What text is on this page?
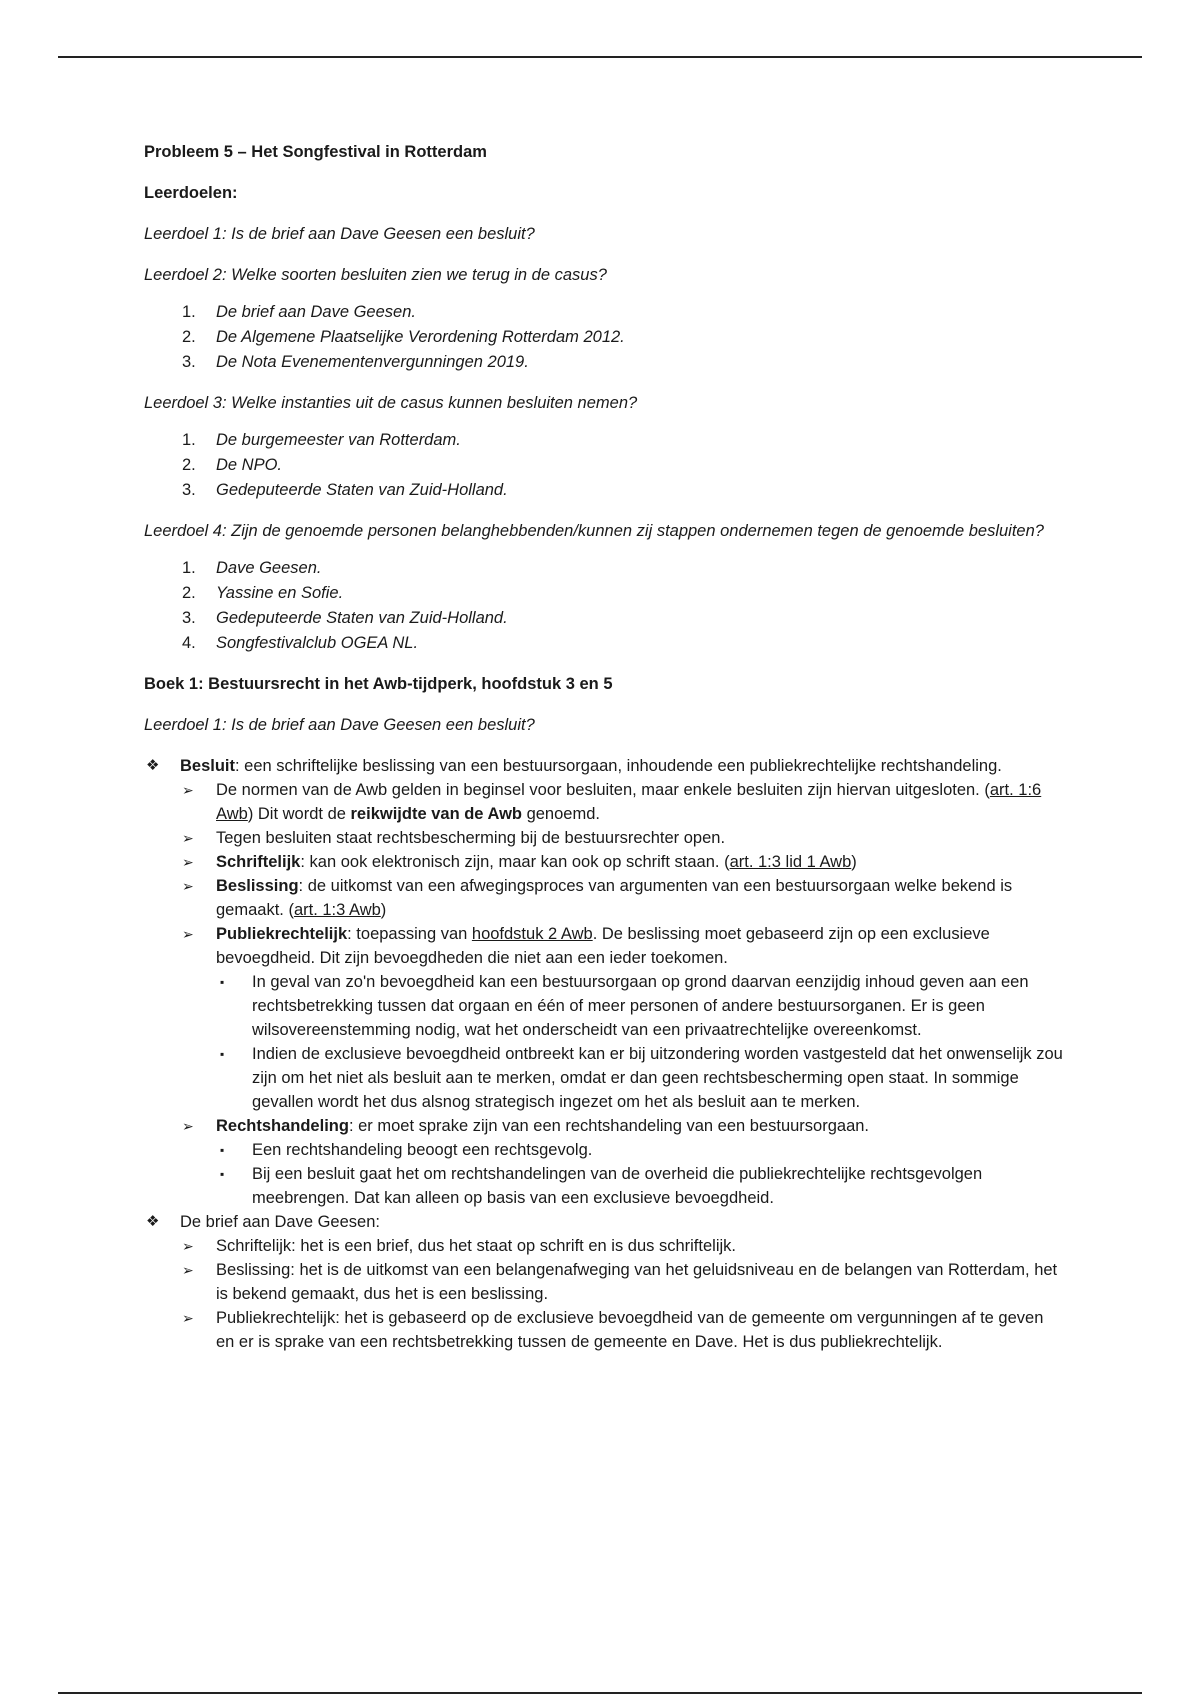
Probleem 5 – Het Songfestival in Rotterdam

Leerdoelen:

Leerdoel 1: Is de brief aan Dave Geesen een besluit?

Leerdoel 2: Welke soorten besluiten zien we terug in de casus?

1. De brief aan Dave Geesen.
2. De Algemene Plaatselijke Verordening Rotterdam 2012.
3. De Nota Evenementenvergunningen 2019.

Leerdoel 3: Welke instanties uit de casus kunnen besluiten nemen?

1. De burgemeester van Rotterdam.
2. De NPO.
3. Gedeputeerde Staten van Zuid-Holland.

Leerdoel 4: Zijn de genoemde personen belanghebbenden/kunnen zij stappen ondernemen tegen de genoemde besluiten?

1. Dave Geesen.
2. Yassine en Sofie.
3. Gedeputeerde Staten van Zuid-Holland.
4. Songfestivalclub OGEA NL.

Boek 1: Bestuursrecht in het Awb-tijdperk, hoofdstuk 3 en 5

Leerdoel 1: Is de brief aan Dave Geesen een besluit?

❖ Besluit: een schriftelijke beslissing van een bestuursorgaan, inhoudende een publiekrechtelijke rechtshandeling.
➢ De normen van de Awb gelden in beginsel voor besluiten, maar enkele besluiten zijn hiervan uitgesloten. (art. 1:6 Awb) Dit wordt de reikwijdte van de Awb genoemd.
➢ Tegen besluiten staat rechtsbescherming bij de bestuursrechter open.
➢ Schriftelijk: kan ook elektronisch zijn, maar kan ook op schrift staan. (art. 1:3 lid 1 Awb)
➢ Beslissing: de uitkomst van een afwegingsproces van argumenten van een bestuursorgaan welke bekend is gemaakt. (art. 1:3 Awb)
➢ Publiekrechtelijk: toepassing van hoofdstuk 2 Awb. De beslissing moet gebaseerd zijn op een exclusieve bevoegdheid. Dit zijn bevoegdheden die niet aan een ieder toekomen.
▪ In geval van zo'n bevoegdheid kan een bestuursorgaan op grond daarvan eenzijdig inhoud geven aan een rechtsbetrekking tussen dat orgaan en één of meer personen of andere bestuursorganen. Er is geen wilsovereenstemming nodig, wat het onderscheidt van een privaatrechtelijke overeenkomst.
▪ Indien de exclusieve bevoegdheid ontbreekt kan er bij uitzondering worden vastgesteld dat het onwenselijk zou zijn om het niet als besluit aan te merken, omdat er dan geen rechtsbescherming open staat. In sommige gevallen wordt het dus alsnog strategisch ingezet om het als besluit aan te merken.
➢ Rechtshandeling: er moet sprake zijn van een rechtshandeling van een bestuursorgaan.
▪ Een rechtshandeling beoogt een rechtsgevolg.
▪ Bij een besluit gaat het om rechtshandelingen van de overheid die publiekrechtelijke rechtsgevolgen meebrengen. Dat kan alleen op basis van een exclusieve bevoegdheid.
❖ De brief aan Dave Geesen:
➢ Schriftelijk: het is een brief, dus het staat op schrift en is dus schriftelijk.
➢ Beslissing: het is de uitkomst van een belangenafweging van het geluidsniveau en de belangen van Rotterdam, het is bekend gemaakt, dus het is een beslissing.
➢ Publiekrechtelijk: het is gebaseerd op de exclusieve bevoegdheid van de gemeente om vergunningen af te geven en er is sprake van een rechtsbetrekking tussen de gemeente en Dave. Het is dus publiekrechtelijk.
